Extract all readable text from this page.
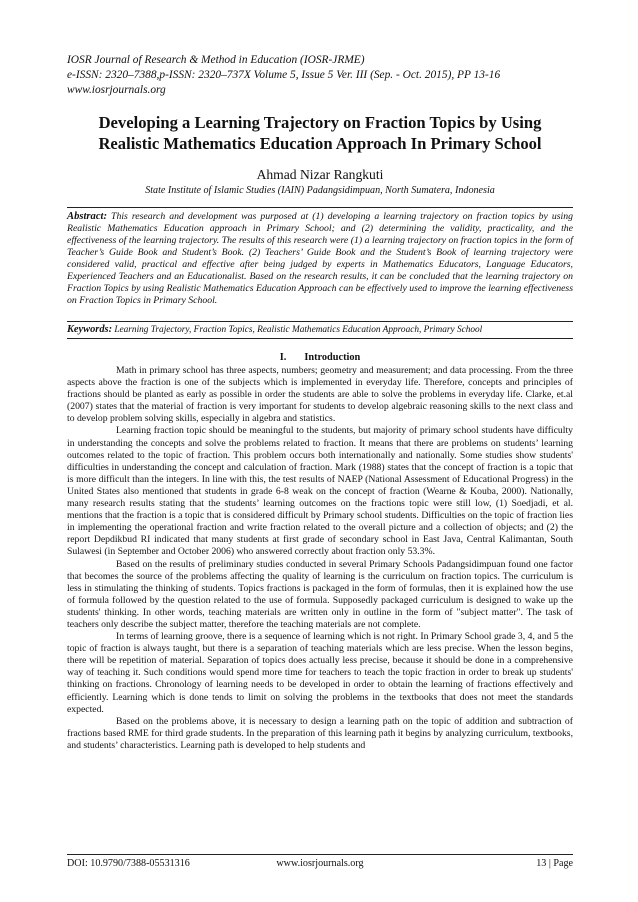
IOSR Journal of Research & Method in Education (IOSR-JRME)
e-ISSN: 2320–7388,p-ISSN: 2320–737X Volume 5, Issue 5 Ver. III (Sep. - Oct. 2015), PP 13-16
www.iosrjournals.org
Developing a Learning Trajectory on Fraction Topics by Using
Realistic Mathematics Education Approach In Primary School
Ahmad Nizar Rangkuti
State Institute of Islamic Studies (IAIN) Padangsidimpuan, North Sumatera, Indonesia
Abstract: This research and development was purposed at (1) developing a learning trajectory on fraction topics by using Realistic Mathematics Education approach in Primary School; and (2) determining the validity, practicality, and the effectiveness of the learning trajectory. The results of this research were (1) a learning trajectory on fraction topics in the form of Teacher’s Guide Book and Student’s Book. (2) Teachers’ Guide Book and the Student’s Book of learning trajectory were considered valid, practical and effective after being judged by experts in Mathematics Educators, Language Educators, Experienced Teachers and an Educationalist. Based on the research results, it can be concluded that the learning trajectory on Fraction Topics by using Realistic Mathematics Education Approach can be effectively used to improve the learning effectiveness on Fraction Topics in Primary School.
Keywords: Learning Trajectory, Fraction Topics, Realistic Mathematics Education Approach, Primary School
I. Introduction

Math in primary school has three aspects, numbers; geometry and measurement; and data processing. From the three aspects above the fraction is one of the subjects which is implemented in everyday life. Therefore, concepts and principles of fractions should be planted as early as possible in order the students are able to solve the problems in everyday life. Clarke, et.al (2007) states that the material of fraction is very important for students to develop algebraic reasoning skills to the next class and to develop problem solving skills, especially in algebra and statistics.

Learning fraction topic should be meaningful to the students, but majority of primary school students have difficulty in understanding the concepts and solve the problems related to fraction. It means that there are problems on students’ learning outcomes related to the topic of fraction. This problem occurs both internationally and nationally. Some studies show students' difficulties in understanding the concept and calculation of fraction. Mark (1988) states that the concept of fraction is a topic that is more difficult than the integers. In line with this, the test results of NAEP (National Assessment of Educational Progress) in the United States also mentioned that students in grade 6-8 weak on the concept of fraction (Wearne & Kouba, 2000). Nationally, many research results stating that the students’ learning outcomes on the fractions topic were still low, (1) Soedjadi, et al. mentions that the fraction is a topic that is considered difficult by Primary school students. Difficulties on the topic of fraction lies in implementing the operational fraction and write fraction related to the overall picture and a collection of objects; and (2) the report Depdikbud RI indicated that many students at first grade of secondary school in East Java, Central Kalimantan, South Sulawesi (in September and October 2006) who answered correctly about fraction only 53.3%.

Based on the results of preliminary studies conducted in several Primary Schools Padangsidimpuan found one factor that becomes the source of the problems affecting the quality of learning is the curriculum on fraction topics. The curriculum is less in stimulating the thinking of students. Topics fractions is packaged in the form of formulas, then it is explained how the use of formula followed by the question related to the use of formula. Supposedly packaged curriculum is designed to wake up the students' thinking. In other words, teaching materials are written only in outline in the form of "subject matter". The task of teachers only describe the subject matter, therefore the teaching materials are not complete.

In terms of learning groove, there is a sequence of learning which is not right. In Primary School grade 3, 4, and 5 the topic of fraction is always taught, but there is a separation of teaching materials which are less precise. When the lesson begins, there will be repetition of material. Separation of topics does actually less precise, because it should be done in a comprehensive way of teaching it. Such conditions would spend more time for teachers to teach the topic fraction in order to break up students' thinking on fractions. Chronology of learning needs to be developed in order to obtain the learning of fractions effectively and efficiently. Learning which is done tends to limit on solving the problems in the textbooks that does not meet the standards expected.

Based on the problems above, it is necessary to design a learning path on the topic of addition and subtraction of fractions based RME for third grade students. In the preparation of this learning path it begins by analyzing curriculum, textbooks, and students’ characteristics. Learning path is developed to help students and

DOI: 10.9790/7388-05531316	www.iosrjournals.org	13 | Page
